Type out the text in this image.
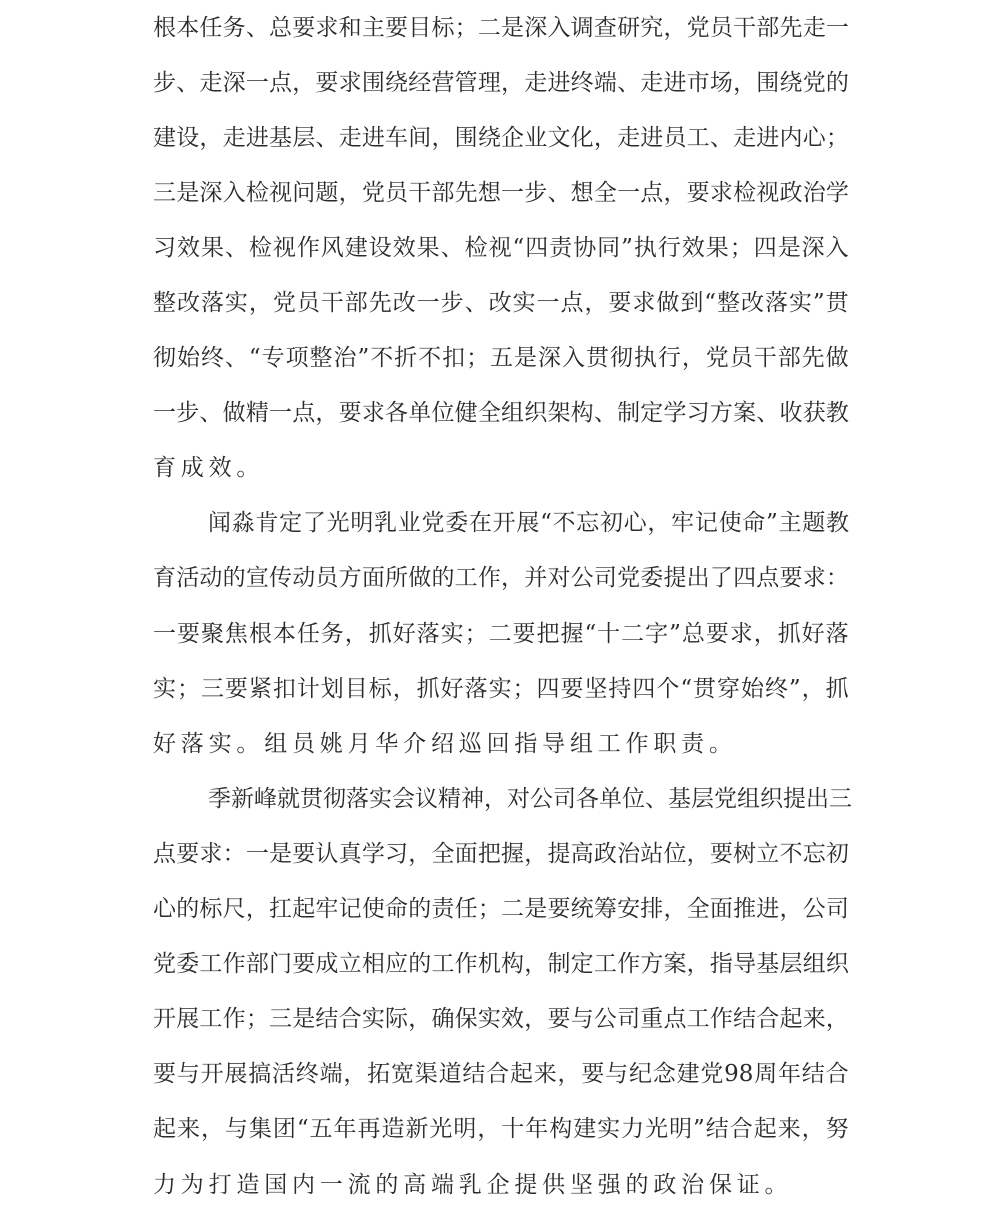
根 本 任 务 、 总 要 求 和 主 要 目 标 ； 二 是 深 入 调 查 研 究 ， 党 员 干 部 先 走 一
步 、 走 深 一 点 ， 要 求 围 绕 经 营 管 理 ， 走 进 终 端 、 走 进 市 场 ， 围 绕 党 的
建 设 ， 走 进 基 层 、 走 进 车 间 ， 围 绕 企 业 文 化 ， 走 进 员 工 、 走 进 内 心 ；
三 是 深 入 检 视 问 题 ， 党 员 干 部 先 想 一 步 、 想 全 一 点 ， 要 求 检 视 政 治 学
习 效 果 、 检 视 作 风 建 设 效 果 、 检 视 “ 四 责 协 同 ” 执 行 效 果 ； 四 是 深 入
整 改 落 实 ， 党 员 干 部 先 改 一 步 、 改 实 一 点 ， 要 求 做 到 “ 整 改 落 实 ” 贯
彻 始 终 、 “ 专 项 整 治 ” 不 折 不 扣 ； 五 是 深 入 贯 彻 执 行 ， 党 员 干 部 先 做
一 步 、 做 精 一 点 ， 要 求 各 单 位 健 全 组 织 架 构 、 制 定 学 习 方 案 、 收 获 教
育 成 效 。
闻 淼 肯 定 了 光 明 乳 业 党 委 在 开 展 “ 不 忘 初 心 ， 牢 记 使 命 ” 主 题 教
育 活 动 的 宣 传 动 员 方 面 所 做 的 工 作 ， 并 对 公 司 党 委 提 出 了 四 点 要 求 ：
一 要 聚 焦 根 本 任 务 ， 抓 好 落 实 ； 二 要 把 握 “ 十 二 字 ” 总 要 求 ， 抓 好 落
实 ； 三 要 紧 扣 计 划 目 标 ， 抓 好 落 实 ； 四 要 坚 持 四 个 “ 贯 穿 始 终 ” ， 抓
好 落 实 。 组 员 姚 月 华 介 绍 巡 回 指 导 组 工 作 职 责 。
季 新 峰 就 贯 彻 落 实 会 议 精 神 ， 对 公 司 各 单 位 、 基 层 党 组 织 提 出 三
点 要 求 ： 一 是 要 认 真 学 习 ， 全 面 把 握 ， 提 高 政 治 站 位 ， 要 树 立 不 忘 初
心 的 标 尺 ， 扛 起 牢 记 使 命 的 责 任 ； 二 是 要 统 筹 安 排 ， 全 面 推 进 ， 公 司
党 委 工 作 部 门 要 成 立 相 应 的 工 作 机 构 ， 制 定 工 作 方 案 ， 指 导 基 层 组 织
开 展 工 作 ； 三 是 结 合 实 际 ， 确 保 实 效 ， 要 与 公 司 重 点 工 作 结 合 起 来 ，
要 与 开 展 搞 活 终 端 ， 拓 宽 渠 道 结 合 起 来 ， 要 与 纪 念 建 党 98 周 年 结 合
起 来 ， 与 集 团 “ 五 年 再 造 新 光 明 ， 十 年 构 建 实 力 光 明 ” 结 合 起 来 ， 努
力 为 打 造 国 内 一 流 的 高 端 乳 企 提 供 坚 强 的 政 治 保 证 。
